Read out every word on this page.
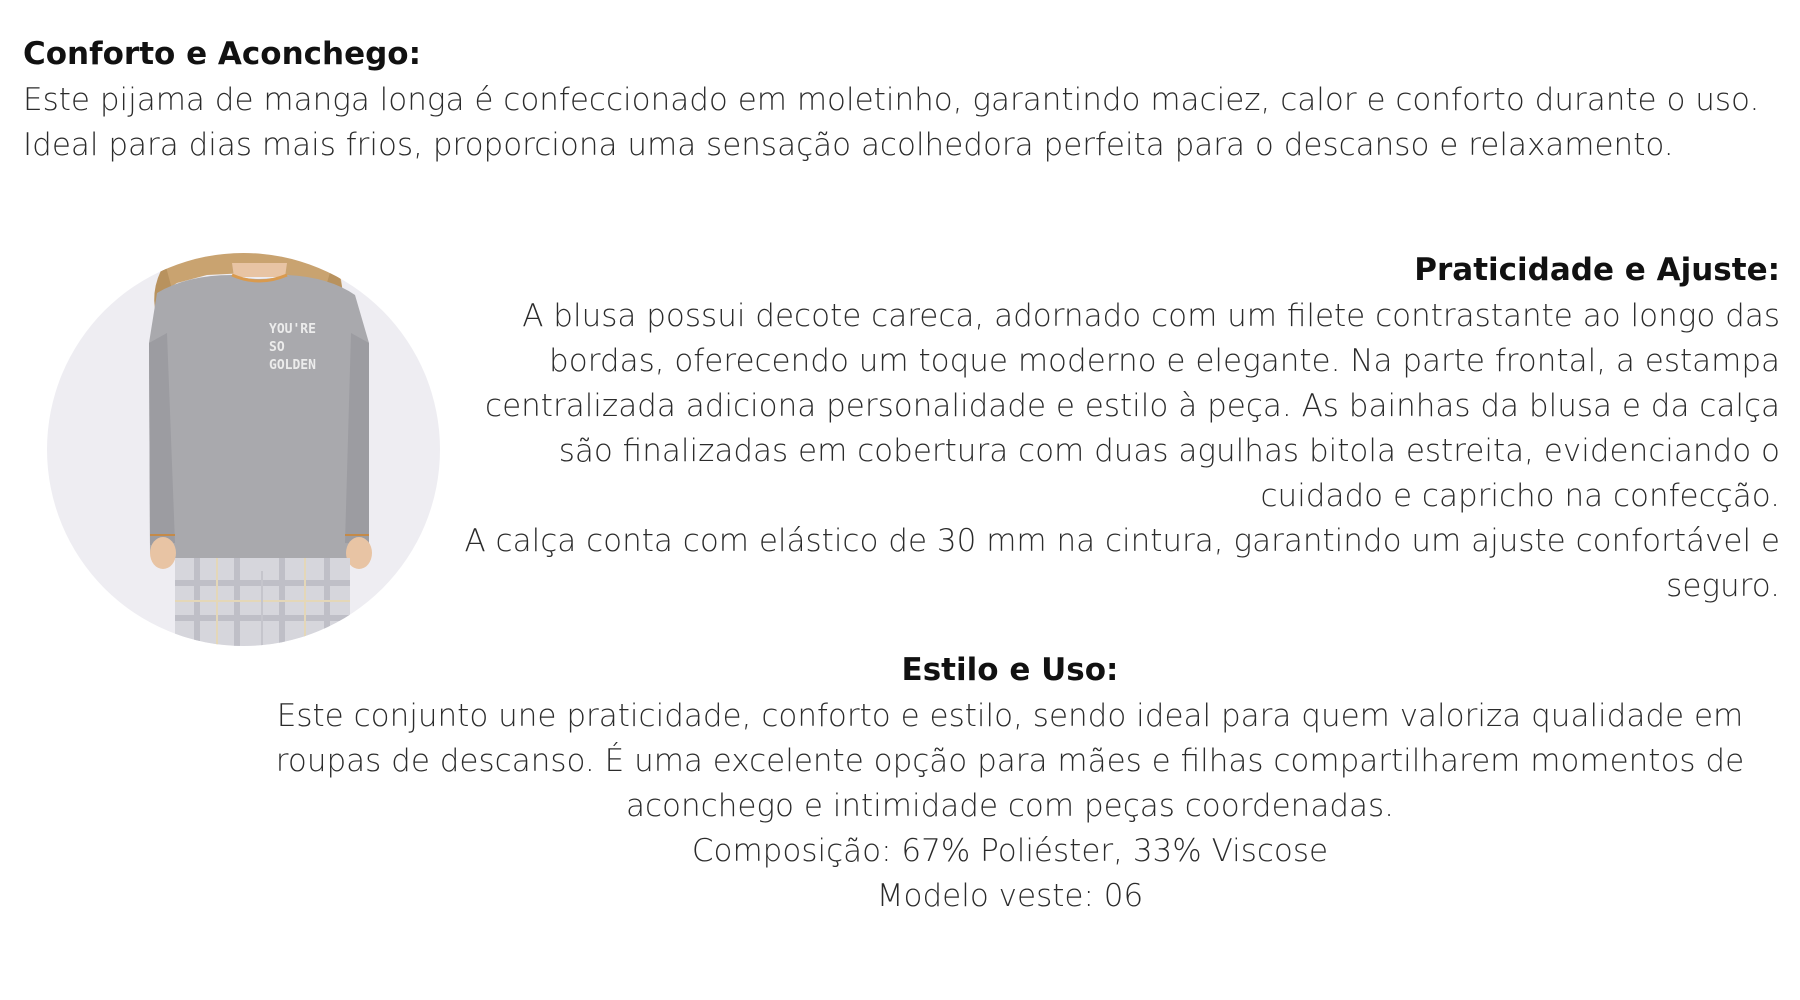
Conforto e Aconchego:

Este pijama de manga longa é confeccionado em moletinho, garantindo maciez, calor e conforto durante o uso. Ideal para dias mais frios, proporciona uma sensação acolhedora perfeita para o descanso e relaxamento.

YOU'RE
SO
GOLDEN
Praticidade e Ajuste:

A blusa possui decote careca, adornado com um filete contrastante ao longo das bordas, oferecendo um toque moderno e elegante. Na parte frontal, a estampa centralizada adiciona personalidade e estilo à peça. As bainhas da blusa e da calça são finalizadas em cobertura com duas agulhas bitola estreita, evidenciando o cuidado e capricho na confecção.

A calça conta com elástico de 30 mm na cintura, garantindo um ajuste confortável e seguro.

Estilo e Uso:

Este conjunto une praticidade, conforto e estilo, sendo ideal para quem valoriza qualidade em roupas de descanso. É uma excelente opção para mães e filhas compartilharem momentos de aconchego e intimidade com peças coordenadas.

Composição: 67% Poliéster, 33% Viscose

Modelo veste: 06
